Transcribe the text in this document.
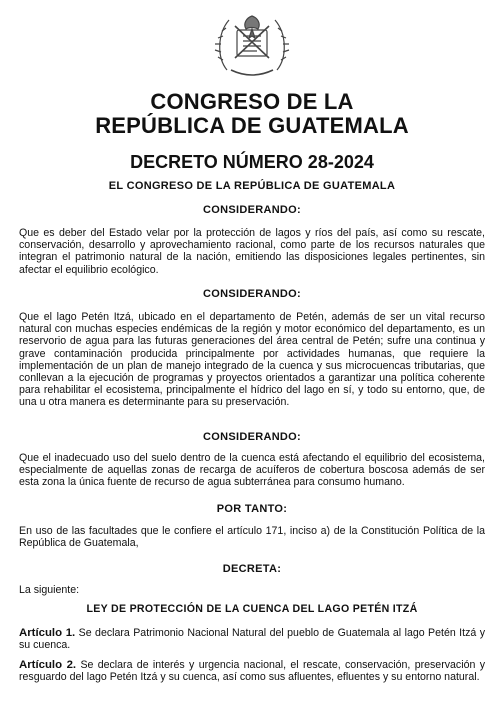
CONGRESO DE LA
REPÚBLICA DE GUATEMALA
DECRETO NÚMERO 28-2024
EL CONGRESO DE LA REPÚBLICA DE GUATEMALA
CONSIDERANDO:
Que es deber del Estado velar por la protección de lagos y ríos del país, así como su rescate, conservación, desarrollo y aprovechamiento racional, como parte de los recursos naturales que integran el patrimonio natural de la nación, emitiendo las disposiciones legales pertinentes, sin afectar el equilibrio ecológico.
CONSIDERANDO:
Que el lago Petén Itzá, ubicado en el departamento de Petén, además de ser un vital recurso natural con muchas especies endémicas de la región y motor económico del departamento, es un reservorio de agua para las futuras generaciones del área central de Petén; sufre una continua y grave contaminación producida principalmente por actividades humanas, que requiere la implementación de un plan de manejo integrado de la cuenca y sus microcuencas tributarias, que conllevan a la ejecución de programas y proyectos orientados a garantizar una política coherente para rehabilitar el ecosistema, principalmente el hídrico del lago en sí, y todo su entorno, que, de una u otra manera es determinante para su preservación.
CONSIDERANDO:
Que el inadecuado uso del suelo dentro de la cuenca está afectando el equilibrio del ecosistema, especialmente de aquellas zonas de recarga de acuíferos de cobertura boscosa además de ser esta zona la única fuente de recurso de agua subterránea para consumo humano.
POR TANTO:
En uso de las facultades que le confiere el artículo 171, inciso a) de la Constitución Política de la República de Guatemala,
DECRETA:
La siguiente:
LEY DE PROTECCIÓN DE LA CUENCA DEL LAGO PETÉN ITZÁ
Artículo 1. Se declara Patrimonio Nacional Natural del pueblo de Guatemala al lago Petén Itzá y su cuenca.
Artículo 2. Se declara de interés y urgencia nacional, el rescate, conservación, preservación y resguardo del lago Petén Itzá y su cuenca, así como sus afluentes, efluentes y su entorno natural.
